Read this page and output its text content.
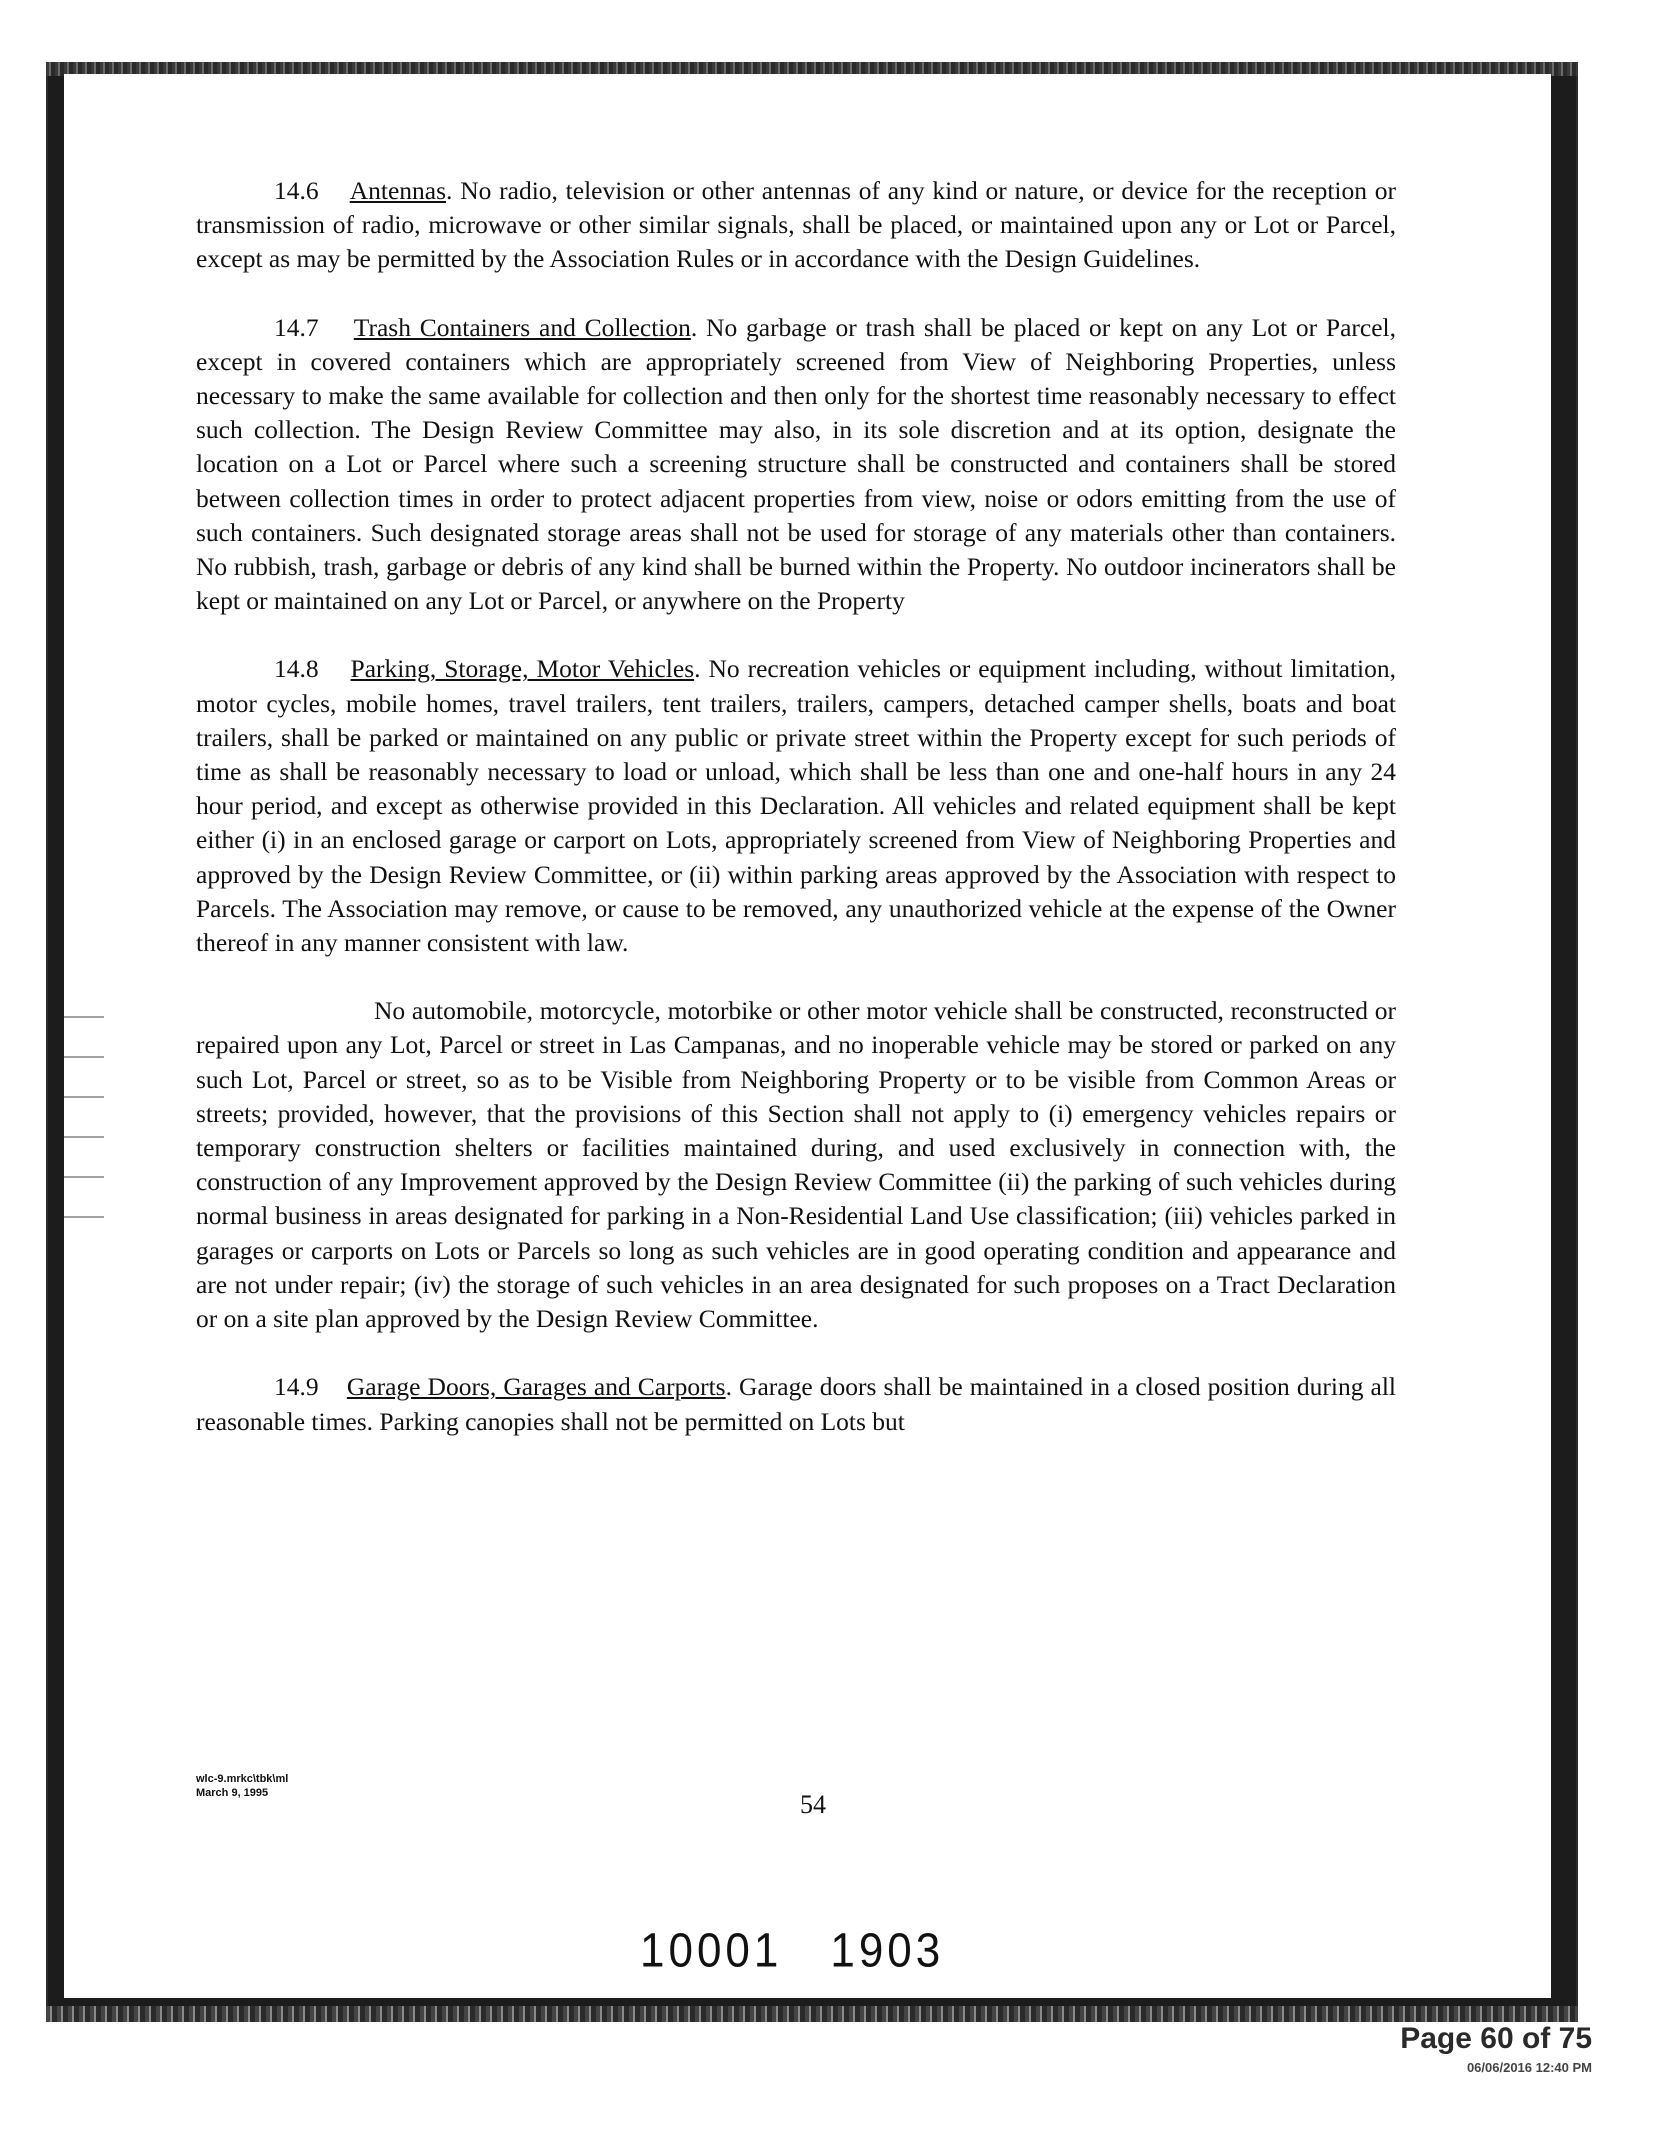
14.6 Antennas. No radio, television or other antennas of any kind or nature, or device for the reception or transmission of radio, microwave or other similar signals, shall be placed, or maintained upon any or Lot or Parcel, except as may be permitted by the Association Rules or in accordance with the Design Guidelines.

14.7 Trash Containers and Collection. No garbage or trash shall be placed or kept on any Lot or Parcel, except in covered containers which are appropriately screened from View of Neighboring Properties, unless necessary to make the same available for collection and then only for the shortest time reasonably necessary to effect such collection. The Design Review Committee may also, in its sole discretion and at its option, designate the location on a Lot or Parcel where such a screening structure shall be constructed and containers shall be stored between collection times in order to protect adjacent properties from view, noise or odors emitting from the use of such containers. Such designated storage areas shall not be used for storage of any materials other than containers. No rubbish, trash, garbage or debris of any kind shall be burned within the Property. No outdoor incinerators shall be kept or maintained on any Lot or Parcel, or anywhere on the Property

14.8 Parking, Storage, Motor Vehicles. No recreation vehicles or equipment including, without limitation, motor cycles, mobile homes, travel trailers, tent trailers, trailers, campers, detached camper shells, boats and boat trailers, shall be parked or maintained on any public or private street within the Property except for such periods of time as shall be reasonably necessary to load or unload, which shall be less than one and one-half hours in any 24 hour period, and except as otherwise provided in this Declaration. All vehicles and related equipment shall be kept either (i) in an enclosed garage or carport on Lots, appropriately screened from View of Neighboring Properties and approved by the Design Review Committee, or (ii) within parking areas approved by the Association with respect to Parcels. The Association may remove, or cause to be removed, any unauthorized vehicle at the expense of the Owner thereof in any manner consistent with law.

No automobile, motorcycle, motorbike or other motor vehicle shall be constructed, reconstructed or repaired upon any Lot, Parcel or street in Las Campanas, and no inoperable vehicle may be stored or parked on any such Lot, Parcel or street, so as to be Visible from Neighboring Property or to be visible from Common Areas or streets; provided, however, that the provisions of this Section shall not apply to (i) emergency vehicles repairs or temporary construction shelters or facilities maintained during, and used exclusively in connection with, the construction of any Improvement approved by the Design Review Committee (ii) the parking of such vehicles during normal business in areas designated for parking in a Non-Residential Land Use classification; (iii) vehicles parked in garages or carports on Lots or Parcels so long as such vehicles are in good operating condition and appearance and are not under repair; (iv) the storage of such vehicles in an area designated for such proposes on a Tract Declaration or on a site plan approved by the Design Review Committee.

14.9 Garage Doors, Garages and Carports. Garage doors shall be maintained in a closed position during all reasonable times. Parking canopies shall not be permitted on Lots but

wlc-9.mrkc\tbk\ml
March 9, 1995	54
10001 1903
Page 60 of 75
06/06/2016 12:40 PM
